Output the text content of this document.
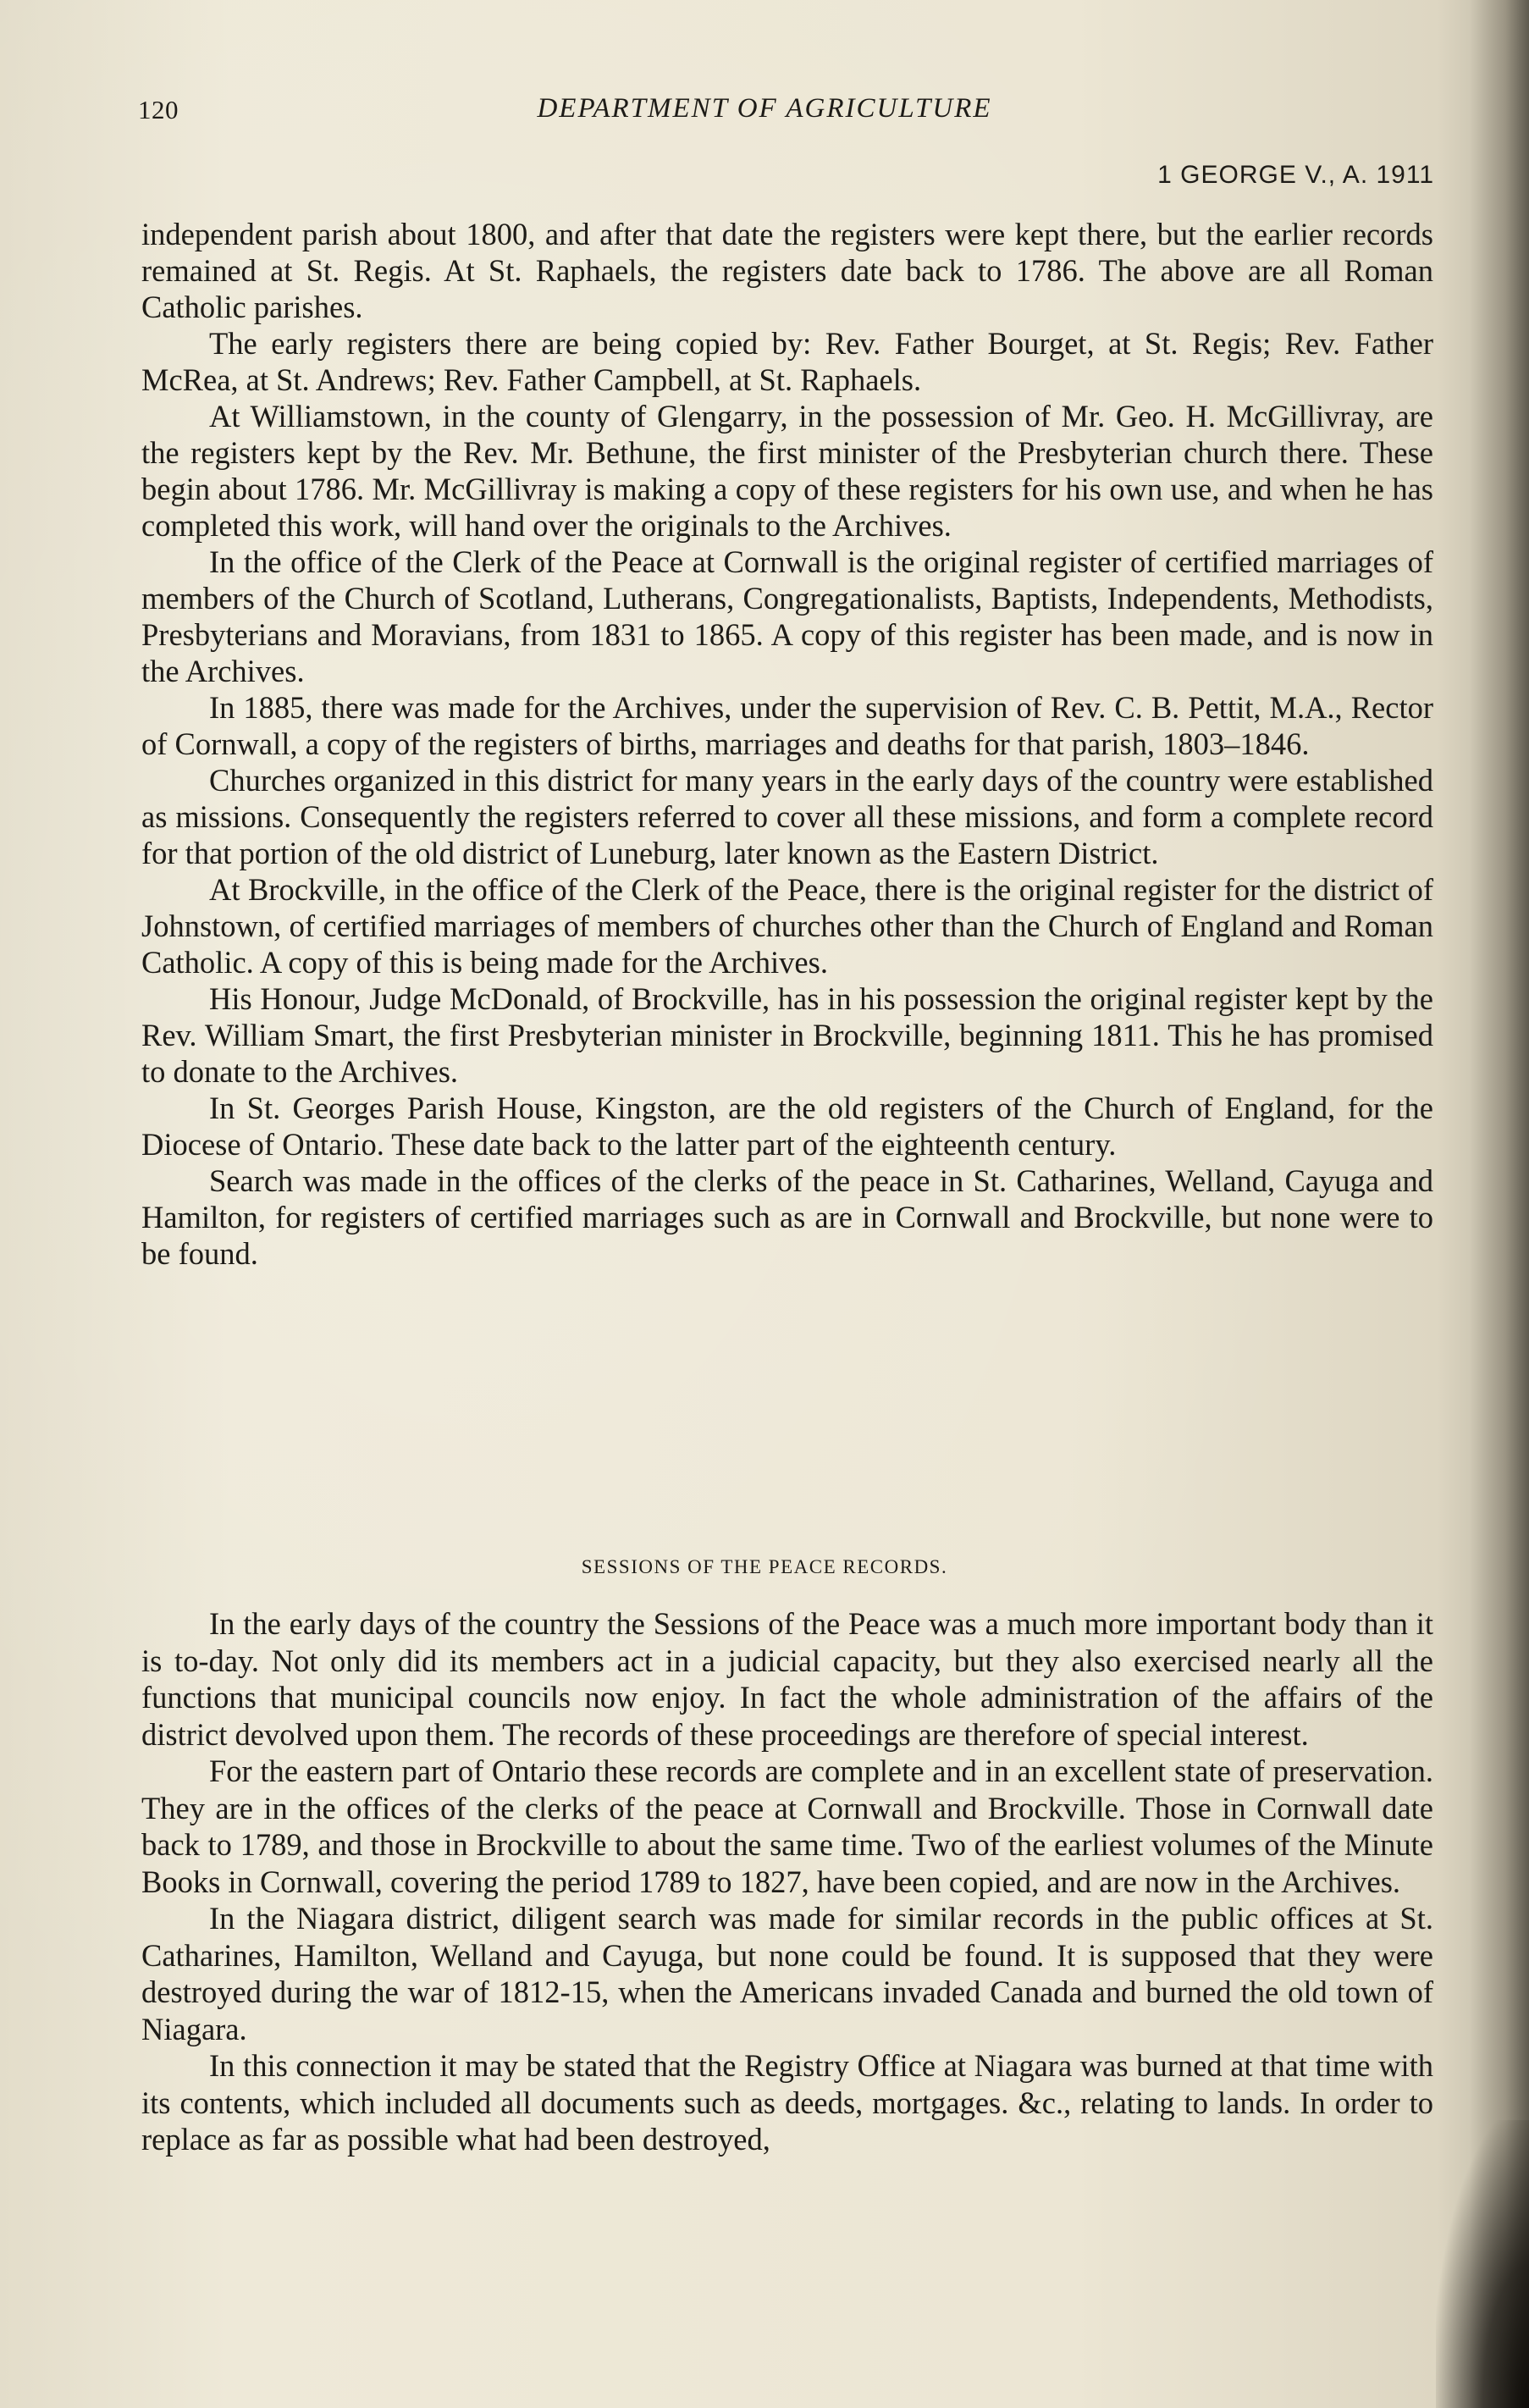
120	DEPARTMENT OF AGRICULTURE
1 GEORGE V., A. 1911

independent parish about 1800, and after that date the registers were kept there, but the earlier records remained at St. Regis. At St. Raphaels, the registers date back to 1786. The above are all Roman Catholic parishes.

The early registers there are being copied by: Rev. Father Bourget, at St. Regis; Rev. Father McRea, at St. Andrews; Rev. Father Campbell, at St. Raphaels.

At Williamstown, in the county of Glengarry, in the possession of Mr. Geo. H. McGillivray, are the registers kept by the Rev. Mr. Bethune, the first minister of the Presbyterian church there. These begin about 1786. Mr. McGillivray is making a copy of these registers for his own use, and when he has completed this work, will hand over the originals to the Archives.

In the office of the Clerk of the Peace at Cornwall is the original register of certified marriages of members of the Church of Scotland, Lutherans, Congregationalists, Baptists, Independents, Methodists, Presbyterians and Moravians, from 1831 to 1865. A copy of this register has been made, and is now in the Archives.

In 1885, there was made for the Archives, under the supervision of Rev. C. B. Pettit, M.A., Rector of Cornwall, a copy of the registers of births, marriages and deaths for that parish, 1803–1846.

Churches organized in this district for many years in the early days of the country were established as missions. Consequently the registers referred to cover all these missions, and form a complete record for that portion of the old district of Luneburg, later known as the Eastern District.

At Brockville, in the office of the Clerk of the Peace, there is the original register for the district of Johnstown, of certified marriages of members of churches other than the Church of England and Roman Catholic. A copy of this is being made for the Archives.

His Honour, Judge McDonald, of Brockville, has in his possession the original register kept by the Rev. William Smart, the first Presbyterian minister in Brockville, beginning 1811. This he has promised to donate to the Archives.

In St. Georges Parish House, Kingston, are the old registers of the Church of England, for the Diocese of Ontario. These date back to the latter part of the eighteenth century.

Search was made in the offices of the clerks of the peace in St. Catharines, Welland, Cayuga and Hamilton, for registers of certified marriages such as are in Cornwall and Brockville, but none were to be found.

SESSIONS OF THE PEACE RECORDS.

In the early days of the country the Sessions of the Peace was a much more important body than it is to-day. Not only did its members act in a judicial capacity, but they also exercised nearly all the functions that municipal councils now enjoy. In fact the whole administration of the affairs of the district devolved upon them. The records of these proceedings are therefore of special interest.

For the eastern part of Ontario these records are complete and in an excellent state of preservation. They are in the offices of the clerks of the peace at Cornwall and Brockville. Those in Cornwall date back to 1789, and those in Brockville to about the same time. Two of the earliest volumes of the Minute Books in Cornwall, covering the period 1789 to 1827, have been copied, and are now in the Archives.

In the Niagara district, diligent search was made for similar records in the public offices at St. Catharines, Hamilton, Welland and Cayuga, but none could be found. It is supposed that they were destroyed during the war of 1812-15, when the Americans invaded Canada and burned the old town of Niagara.

In this connection it may be stated that the Registry Office at Niagara was burned at that time with its contents, which included all documents such as deeds, mortgages. &c., relating to lands. In order to replace as far as possible what had been destroyed,
